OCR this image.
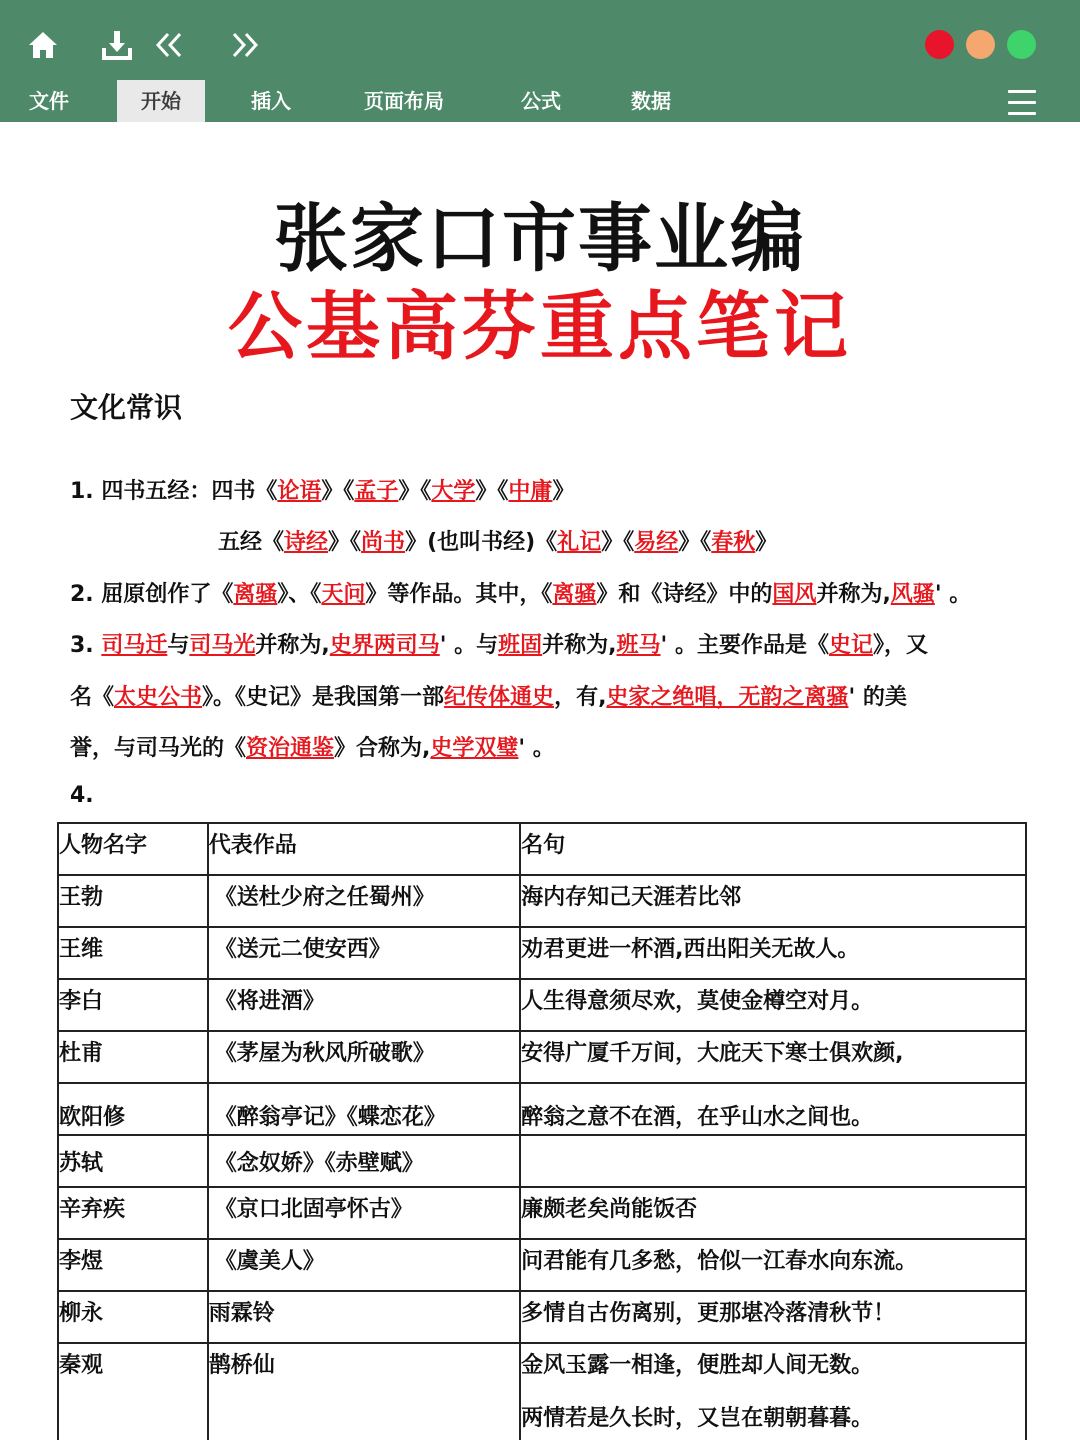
文件	开始	插入	页面布局	公式	数据
张家口市事业编
公基高芬重点笔记
文化常识
1. 四书五经：四书《论语》《孟子》《大学》《中庸》
五经《诗经》《尚书》(也叫书经)《礼记》《易经》《春秋》
2. 屈原创作了《离骚》、《天问》等作品。其中，《离骚》和《诗经》中的国风并称为,风骚' 。
3. 司马迁与司马光并称为,史界两司马' 。与班固并称为,班马' 。主要作品是《史记》，又
名《太史公书》。《史记》是我国第一部纪传体通史，有,史家之绝唱，无韵之离骚' 的美
誉，与司马光的《资治通鉴》合称为,史学双璧' 。
4.
人物名字	代表作品	名句
王勃	《送杜少府之任蜀州》	海内存知己天涯若比邻
王维	《送元二使安西》	劝君更进一杯酒,西出阳关无故人。
李白	《将进酒》	人生得意须尽欢，莫使金樽空对月。
杜甫	《茅屋为秋风所破歌》	安得广厦千万间，大庇天下寒士俱欢颜,
欧阳修	《醉翁亭记》《蝶恋花》	醉翁之意不在酒，在乎山水之间也。
苏轼	《念奴娇》《赤壁赋》	
辛弃疾	《京口北固亭怀古》	廉颇老矣尚能饭否
李煜	《虞美人》	问君能有几多愁，恰似一江春水向东流。
柳永	雨霖铃	多情自古伤离别，更那堪冷落清秋节！
秦观	鹊桥仙	金风玉露一相逢，便胜却人间无数。
两情若是久长时，又岂在朝朝暮暮。
